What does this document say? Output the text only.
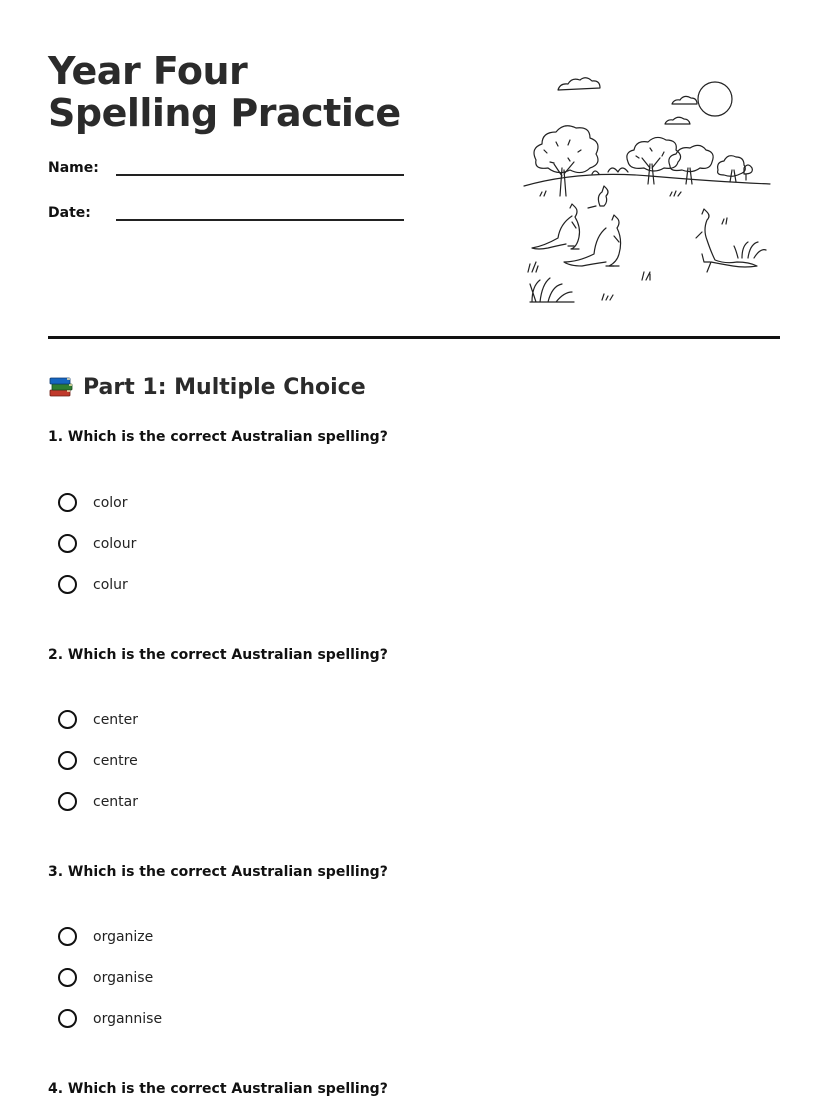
Year Four Spelling Practice
Name:
Date:
Part 1: Multiple Choice

1. Which is the correct Australian spelling?

color
colour
colur

2. Which is the correct Australian spelling?

center
centre
centar

3. Which is the correct Australian spelling?

organize
organise
organnise

4. Which is the correct Australian spelling?
